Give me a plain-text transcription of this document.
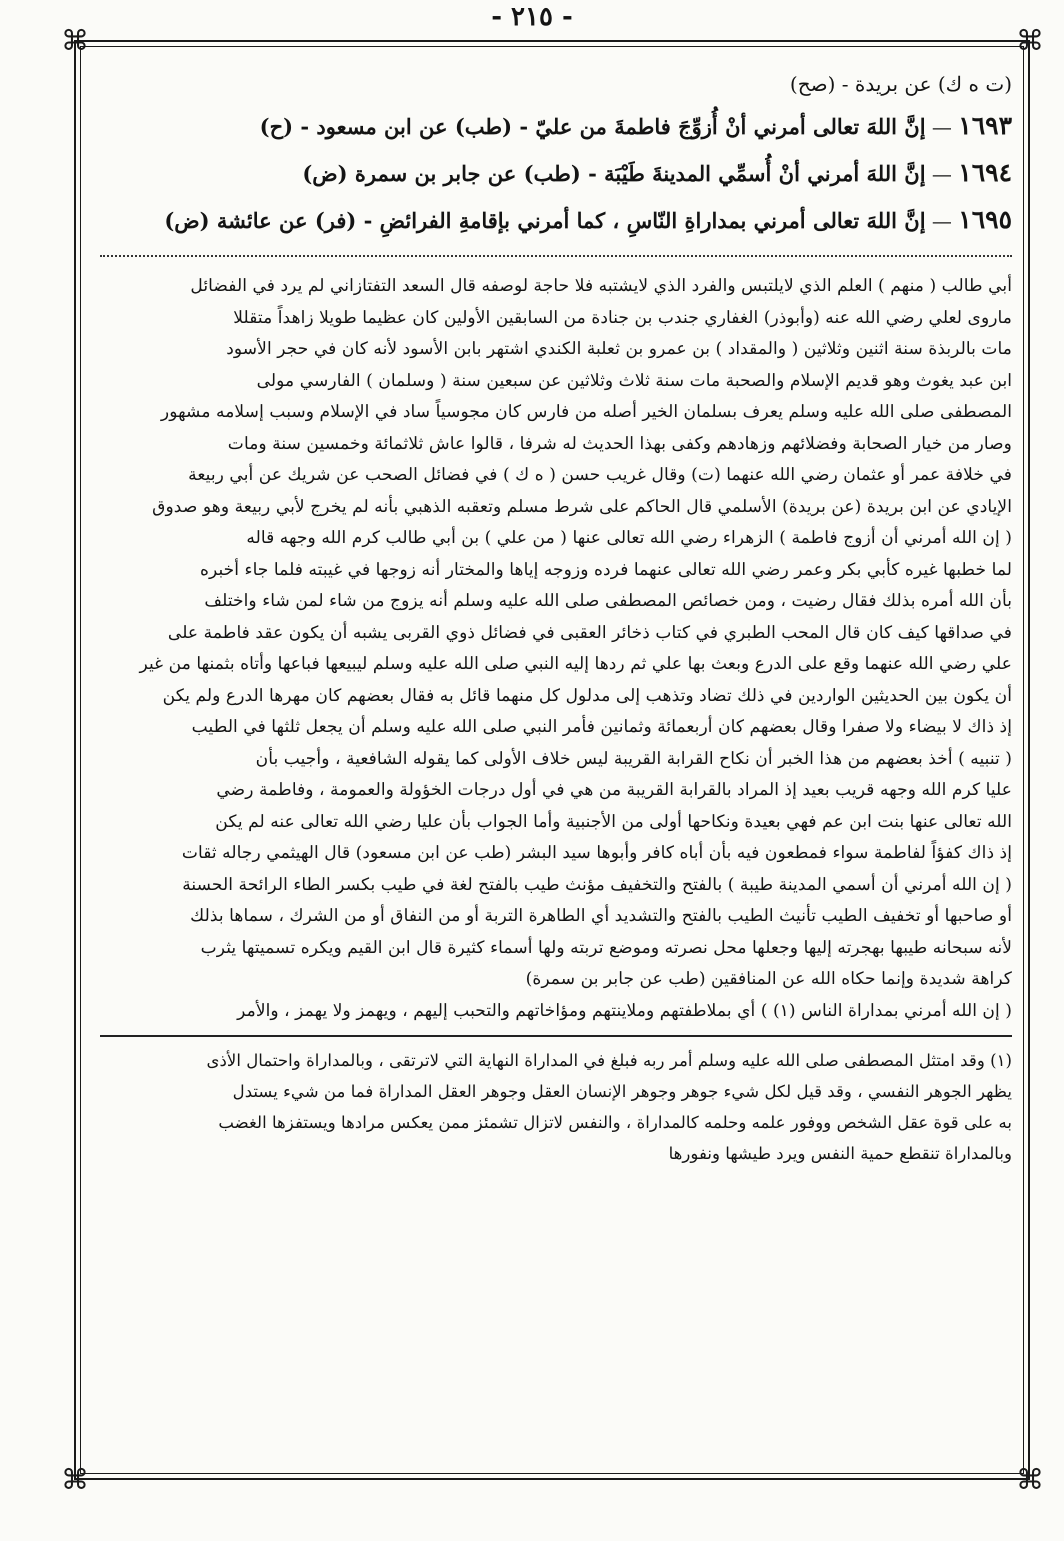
- ٢١٥ -
⌘	⌘
⌘	⌘
(ت ه ك) عن بريدة - (صح)
١٦٩٣ — إنَّ اللهَ تعالى أمرني أنْ أُزوِّجَ فاطمةَ من عليّ - (طب) عن ابن مسعود - (ح)
١٦٩٤ — إنَّ اللهَ أمرني أنْ أُسمِّي المدينةَ طَيْبَة - (طب) عن جابر بن سمرة (ض)
١٦٩٥ — إنَّ اللهَ تعالى أمرني بمداراةِ النّاسِ ، كما أمرني بإقامةِ الفرائضِ - (فر) عن عائشة (ض)

أبي طالب ( منهم ) العلم الذي لايلتبس والفرد الذي لايشتبه فلا حاجة لوصفه قال السعد التفتازاني لم يرد في الفضائل

ماروى لعلي رضي الله عنه (وأبوذر) الغفاري جندب بن جنادة من السابقين الأولين كان عظيما طويلا زاهداً متقللا

مات بالربذة سنة اثنين وثلاثين ( والمقداد ) بن عمرو بن ثعلبة الكندي اشتهر بابن الأسود لأنه كان في حجر الأسود

ابن عبد يغوث وهو قديم الإسلام والصحبة مات سنة ثلاث وثلاثين عن سبعين سنة ( وسلمان ) الفارسي مولى

المصطفى صلى الله عليه وسلم يعرف بسلمان الخير أصله من فارس كان مجوسياً ساد في الإسلام وسبب إسلامه مشهور

وصار من خيار الصحابة وفضلائهم وزهادهم وكفى بهذا الحديث له شرفا ، قالوا عاش ثلاثمائة وخمسين سنة ومات

في خلافة عمر أو عثمان رضي الله عنهما (ت) وقال غريب حسن ( ه ك ) في فضائل الصحب عن شريك عن أبي ربيعة

الإيادي عن ابن بريدة (عن بريدة) الأسلمي قال الحاكم على شرط مسلم وتعقبه الذهبي بأنه لم يخرج لأبي ربيعة وهو صدوق

( إن الله أمرني أن أزوج فاطمة ) الزهراء رضي الله تعالى عنها ( من علي ) بن أبي طالب كرم الله وجهه قاله

لما خطبها غيره كأبي بكر وعمر رضي الله تعالى عنهما فرده وزوجه إياها والمختار أنه زوجها في غيبته فلما جاء أخبره

بأن الله أمره بذلك فقال رضيت ، ومن خصائص المصطفى صلى الله عليه وسلم أنه يزوج من شاء لمن شاء واختلف

في صداقها كيف كان قال المحب الطبري في كتاب ذخائر العقبى في فضائل ذوي القربى يشبه أن يكون عقد فاطمة على

علي رضي الله عنهما وقع على الدرع وبعث بها علي ثم ردها إليه النبي صلى الله عليه وسلم ليبيعها فباعها وأتاه بثمنها من غير

أن يكون بين الحديثين الواردين في ذلك تضاد وتذهب إلى مدلول كل منهما قائل به فقال بعضهم كان مهرها الدرع ولم يكن

إذ ذاك لا بيضاء ولا صفرا وقال بعضهم كان أربعمائة وثمانين فأمر النبي صلى الله عليه وسلم أن يجعل ثلثها في الطيب

( تنبيه ) أخذ بعضهم من هذا الخبر أن نكاح القرابة القريبة ليس خلاف الأولى كما يقوله الشافعية ، وأجيب بأن

عليا كرم الله وجهه قريب بعيد إذ المراد بالقرابة القريبة من هي في أول درجات الخؤولة والعمومة ، وفاطمة رضي

الله تعالى عنها بنت ابن عم فهي بعيدة ونكاحها أولى من الأجنبية وأما الجواب بأن عليا رضي الله تعالى عنه لم يكن

إذ ذاك كفؤاً لفاطمة سواء فمطعون فيه بأن أباه كافر وأبوها سيد البشر (طب عن ابن مسعود) قال الهيثمي رجاله ثقات

( إن الله أمرني أن أسمي المدينة طيبة ) بالفتح والتخفيف مؤنث طيب بالفتح لغة في طيب بكسر الطاء الرائحة الحسنة

أو صاحبها أو تخفيف الطيب تأنيث الطيب بالفتح والتشديد أي الطاهرة التربة أو من النفاق أو من الشرك ، سماها بذلك

لأنه سبحانه طيبها بهجرته إليها وجعلها محل نصرته وموضع تربته ولها أسماء كثيرة قال ابن القيم ويكره تسميتها يثرب

كراهة شديدة وإنما حكاه الله عن المنافقين (طب عن جابر بن سمرة)

( إن الله أمرني بمداراة الناس (١) ) أي بملاطفتهم وملاينتهم ومؤاخاتهم والتحبب إليهم ، ويهمز ولا يهمز ، والأمر

(١) وقد امتثل المصطفى صلى الله عليه وسلم أمر ربه فبلغ في المداراة النهاية التي لاترتقى ، وبالمداراة واحتمال الأذى

يظهر الجوهر النفسي ، وقد قيل لكل شيء جوهر وجوهر الإنسان العقل وجوهر العقل المداراة فما من شيء يستدل

به على قوة عقل الشخص ووفور علمه وحلمه كالمداراة ، والنفس لاتزال تشمئز ممن يعكس مرادها ويستفزها الغضب

وبالمداراة تنقطع حمية النفس ويرد طيشها ونفورها
